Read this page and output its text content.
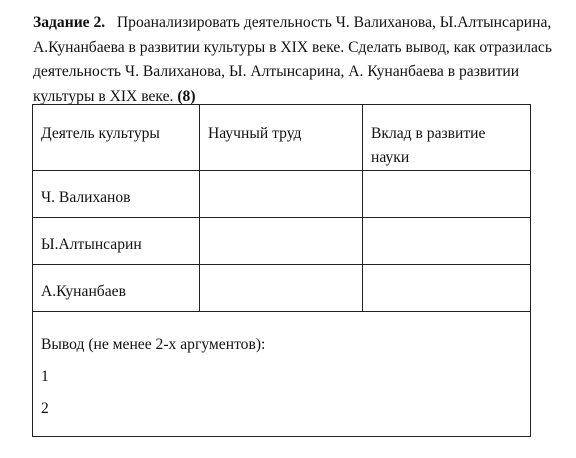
Задание 2. Проанализировать деятельность Ч. Валиханова, Ы.Алтынсарина, А.Кунанбаева в развитии культуры в XIX веке. Сделать вывод, как отразилась деятельность Ч. Валиханова, Ы. Алтынсарина, А. Кунанбаева в развитии культуры в XIX веке. (8)
Деятель культуры	Научный труд	Вклад в развитие науки

Ч. Валиханов		

Ы.Алтынсарин		

А.Кунанбаев		

Вывод (не менее 2-х аргументов):
1
2		
